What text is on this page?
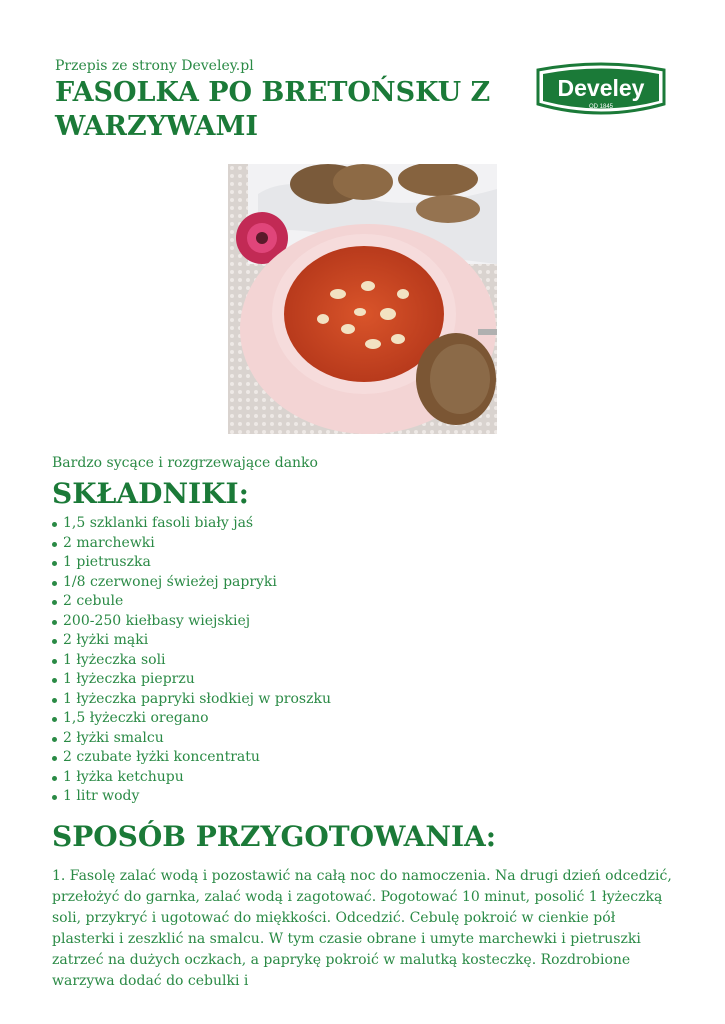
Przepis ze strony Develey.pl
FASOLKA PO BRETOŃSKU Z WARZYWAMI
Develey
OD 1845
Bardzo sycące i rozgrzewające danko
SKŁADNIKI:
1,5 szklanki fasoli biały jaś
2 marchewki
1 pietruszka
1/8 czerwonej świeżej papryki
2 cebule
200-250 kiełbasy wiejskiej
2 łyżki mąki
1 łyżeczka soli
1 łyżeczka pieprzu
1 łyżeczka papryki słodkiej w proszku
1,5 łyżeczki oregano
2 łyżki smalcu
2 czubate łyżki koncentratu
1 łyżka ketchupu
1 litr wody
SPOSÓB PRZYGOTOWANIA:

1. Fasolę zalać wodą i pozostawić na całą noc do namoczenia. Na drugi dzień odcedzić, przełożyć do garnka, zalać wodą i zagotować. Pogotować 10 minut, posolić 1 łyżeczką soli, przykryć i ugotować do miękkości. Odcedzić. Cebulę pokroić w cienkie pół plasterki i zeszklić na smalcu. W tym czasie obrane i umyte marchewki i pietruszki zatrzeć na dużych oczkach, a paprykę pokroić w malutką kosteczkę. Rozdrobione warzywa dodać do cebulki i
